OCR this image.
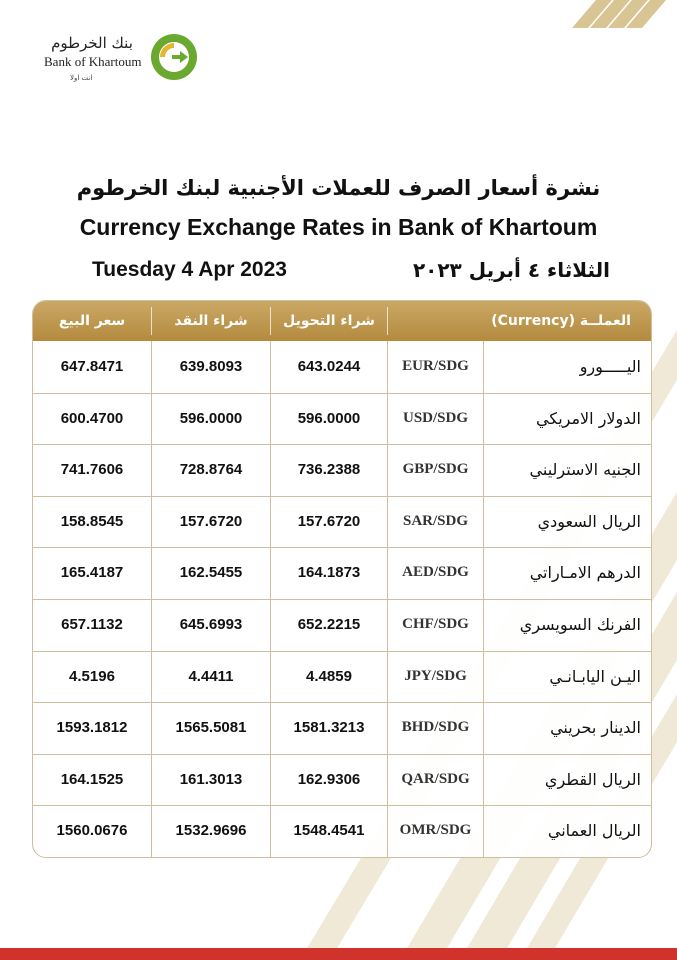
بنك الخرطوم
Bank of Khartoum
انت اولا
نشرة أسعار الصرف للعملات الأجنبية لبنك الخرطوم
Currency Exchange Rates in Bank of Khartoum
Tuesday 4 Apr 2023	الثلاثاء ٤ أبريل ٢٠٢٣
سعر البيع	شراء النقد	شراء التحويل	العملــة (Currency)
647.8471	639.8093	643.0244	EUR/SDG	اليـــــورو
600.4700	596.0000	596.0000	USD/SDG	الدولار الامريكي
741.7606	728.8764	736.2388	GBP/SDG	الجنيه الاسترليني
158.8545	157.6720	157.6720	SAR/SDG	الريال السعودي
165.4187	162.5455	164.1873	AED/SDG	الدرهم الامـاراتي
657.1132	645.6993	652.2215	CHF/SDG	الفرنك السويسري
4.5196	4.4411	4.4859	JPY/SDG	اليـن اليابـانـي
1593.1812	1565.5081	1581.3213	BHD/SDG	الدينار بحريني
164.1525	161.3013	162.9306	QAR/SDG	الريال القطري
1560.0676	1532.9696	1548.4541	OMR/SDG	الريال العماني
